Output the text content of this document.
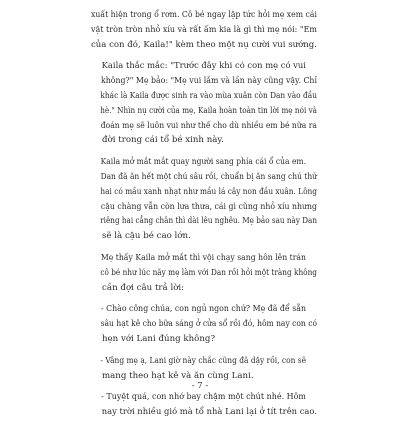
xuất hiện trong ổ rơm. Cô bé ngay lập tức hỏi mẹ xem cái
vật tròn tròn nhỏ xíu và rất ấm kia là gì thì mẹ nói: "Em
của con đó, Kaila!" kèm theo một nụ cười vui sướng.

Kaila thắc mắc: "Trước đây khi có con mẹ có vui
không?" Mẹ bảo: "Mẹ vui lắm và lần này cũng vậy. Chỉ
khác là Kaila được sinh ra vào mùa xuân còn Dan vào đầu
hè." Nhìn nụ cười của mẹ, Kaila hoàn toàn tin lời mẹ nói và
đoán mẹ sẽ luôn vui như thế cho dù nhiều em bé nữa ra
đời trong cái tổ bé xinh này.

Kaila mở mắt mắt quay người sang phía cái ổ của em.
Dan đã ăn hết một chú sâu rồi, chuẩn bị ăn sang chú thứ
hai có mầu xanh nhạt như mầu lá cây non đầu xuân. Lông
cậu chàng vẫn còn lưa thưa, cái gì cũng nhỏ xíu nhưng
riêng hai cẳng chân thì dài lêu nghêu. Mẹ bảo sau này Dan
sẽ là cậu bé cao lớn.

Mẹ thấy Kaila mở mắt thì vội chạy sang hôn lên trán
cô bé như lúc nãy mẹ làm với Dan rồi hỏi một tràng không
cần đợi câu trả lời:

- Chào công chúa, con ngủ ngon chứ? Mẹ đã để sẵn
sâu hạt kê cho bữa sáng ở cửa sổ rồi đó, hôm nay con có
hẹn với Lani đúng không?

- Vâng mẹ ạ, Lani giờ này chắc cũng đã dậy rồi, con sẽ
mang theo hạt kê và ăn cùng Lani.

- Tuyệt quá, con nhớ bay chậm một chút nhé. Hôm
nay trời nhiều gió mà tổ nhà Lani lại ở tít trên cao.

- 7 -
